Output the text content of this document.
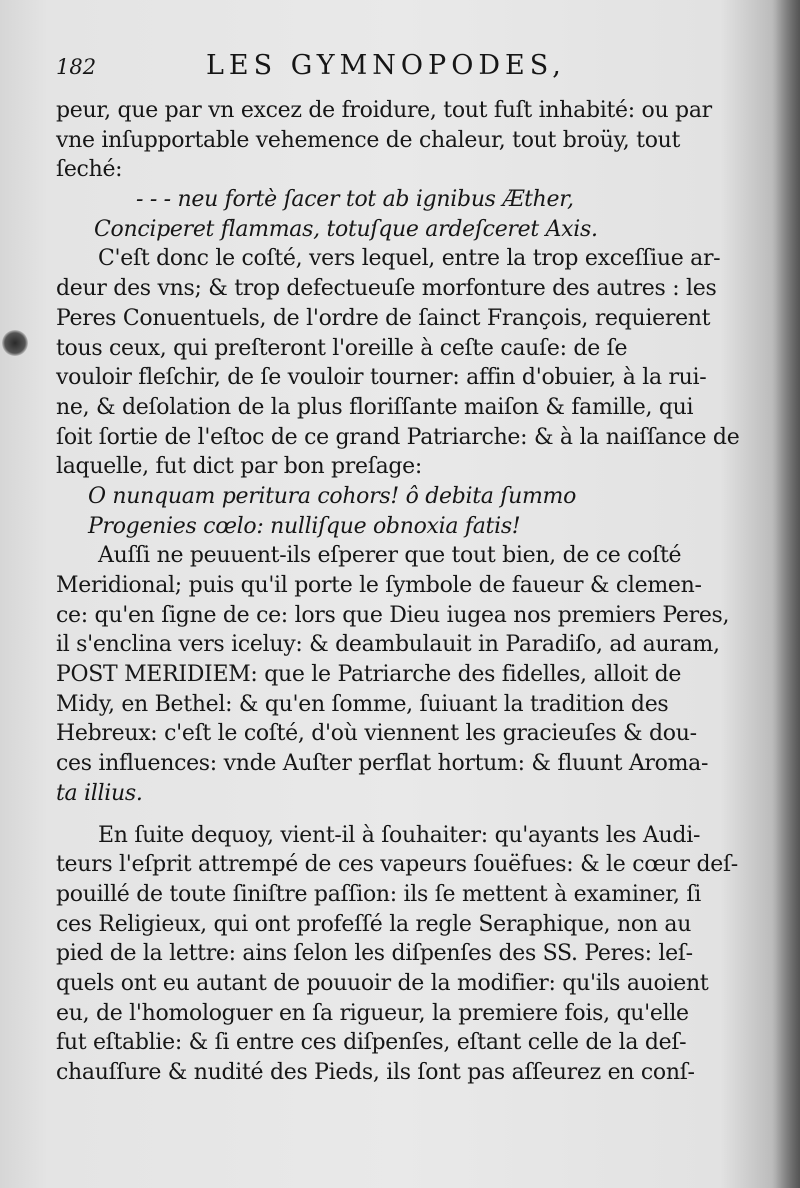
182	LES GYMNOPODES,
peur, que par vn excez de froidure, tout fuſt inhabité: ou par
vne inſupportable vehemence de chaleur, tout broüy, tout
ſeché:
- - - neu fortè ſacer tot ab ignibus Æther,
Conciperet flammas, totuſque ardeſceret Axis.
C'eſt donc le coſté, vers lequel, entre la trop exceſſiue ar-
deur des vns; & trop defectueuſe morfonture des autres : les
Peres Conuentuels, de l'ordre de ſainct François, requierent
tous ceux, qui preſteront l'oreille à ceſte cauſe: de ſe
vouloir fleſchir, de ſe vouloir tourner: affin d'obuier, à la rui-
ne, & deſolation de la plus floriſſante maiſon & famille, qui
ſoit ſortie de l'eſtoc de ce grand Patriarche: & à la naiſſance de
laquelle, fut dict par bon preſage:
O nunquam peritura cohors! ô debita ſummo
Progenies cœlo: nulliſque obnoxia fatis!
Auſſi ne peuuent-ils eſperer que tout bien, de ce coſté
Meridional; puis qu'il porte le ſymbole de faueur & clemen-
ce: qu'en ſigne de ce: lors que Dieu iugea nos premiers Peres,
il s'enclina vers iceluy: & deambulauit in Paradiſo, ad auram,
POST MERIDIEM: que le Patriarche des fidelles, alloit de
Midy, en Bethel: & qu'en ſomme, ſuiuant la tradition des
Hebreux: c'eſt le coſté, d'où viennent les gracieuſes & dou-
ces influences: vnde Auſter perflat hortum: & fluunt Aroma-
ta illius.
En ſuite dequoy, vient-il à ſouhaiter: qu'ayants les Audi-
teurs l'eſprit attrempé de ces vapeurs ſouëfues: & le cœur deſ-
pouillé de toute ſiniſtre paſſion: ils ſe mettent à examiner, ſi
ces Religieux, qui ont profeſſé la regle Seraphique, non au
pied de la lettre: ains ſelon les diſpenſes des SS. Peres: leſ-
quels ont eu autant de pouuoir de la modifier: qu'ils auoient
eu, de l'homologuer en ſa rigueur, la premiere fois, qu'elle
fut eſtablie: & ſi entre ces diſpenſes, eſtant celle de la deſ-
chauſſure & nudité des Pieds, ils ſont pas aſſeurez en conſ-
